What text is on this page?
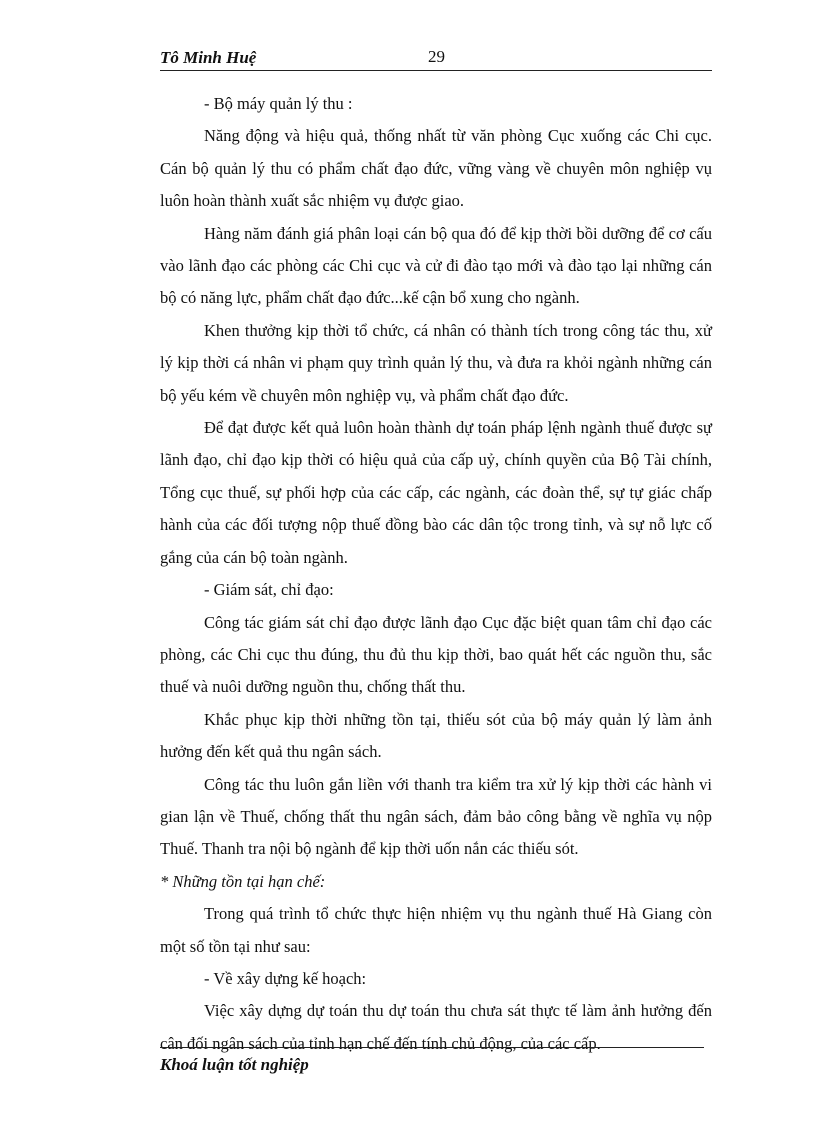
Tô Minh Huệ	29

- Bộ máy quản lý thu :

Năng động và hiệu quả, thống nhất từ văn phòng Cục xuống các Chi cục. Cán bộ quản lý thu có phẩm chất đạo đức, vững vàng về chuyên môn nghiệp vụ luôn hoàn thành xuất sắc nhiệm vụ được giao.

Hàng năm đánh giá phân loại cán bộ qua đó để kịp thời bồi dưỡng để cơ cấu vào lãnh đạo các phòng các Chi cục và cử đi đào tạo mới và đào tạo lại những cán bộ có năng lực, phẩm chất đạo đức...kế cận bổ xung cho ngành.

Khen thưởng kịp thời tổ chức, cá nhân có thành tích trong công tác thu, xử lý kịp thời cá nhân vi phạm quy trình quản lý thu, và đưa ra khỏi ngành những cán bộ yếu kém về chuyên môn nghiệp vụ, và phẩm chất đạo đức.

Để đạt được kết quả luôn hoàn thành dự toán pháp lệnh ngành thuế được sự lãnh đạo, chỉ đạo kịp thời có hiệu quả của cấp uỷ, chính quyền của Bộ Tài chính, Tổng cục thuế, sự phối hợp của các cấp, các ngành, các đoàn thể, sự tự giác chấp hành của các đối tượng nộp thuế đồng bào các dân tộc trong tỉnh, và sự nỗ lực cố gắng của cán bộ toàn ngành.

- Giám sát, chỉ đạo:

Công tác giám sát chỉ đạo được lãnh đạo Cục đặc biệt quan tâm chỉ đạo các phòng, các Chi cục thu đúng, thu đủ thu kịp thời, bao quát hết các nguồn thu, sắc thuế và nuôi dưỡng nguồn thu, chống thất thu.

Khắc phục kịp thời những tồn tại, thiếu sót của bộ máy quản lý làm ảnh hưởng đến kết quả thu ngân sách.

Công tác thu luôn gắn liền với thanh tra kiểm tra xử lý kịp thời các hành vi gian lận về Thuế, chống thất thu ngân sách, đảm bảo công bằng về nghĩa vụ nộp Thuế. Thanh tra nội bộ ngành để kịp thời uốn nắn các thiếu sót.

* Những tồn tại hạn chế:

Trong quá trình tổ chức thực hiện nhiệm vụ thu ngành thuế Hà Giang còn một số tồn tại như sau:

- Về xây dựng kế hoạch:

Việc xây dựng dự toán thu dự toán thu chưa sát thực tế làm ảnh hưởng đến cân đối ngân sách của tỉnh hạn chế đến tính chủ động, của các cấp.

Khoá luận tốt nghiệp
